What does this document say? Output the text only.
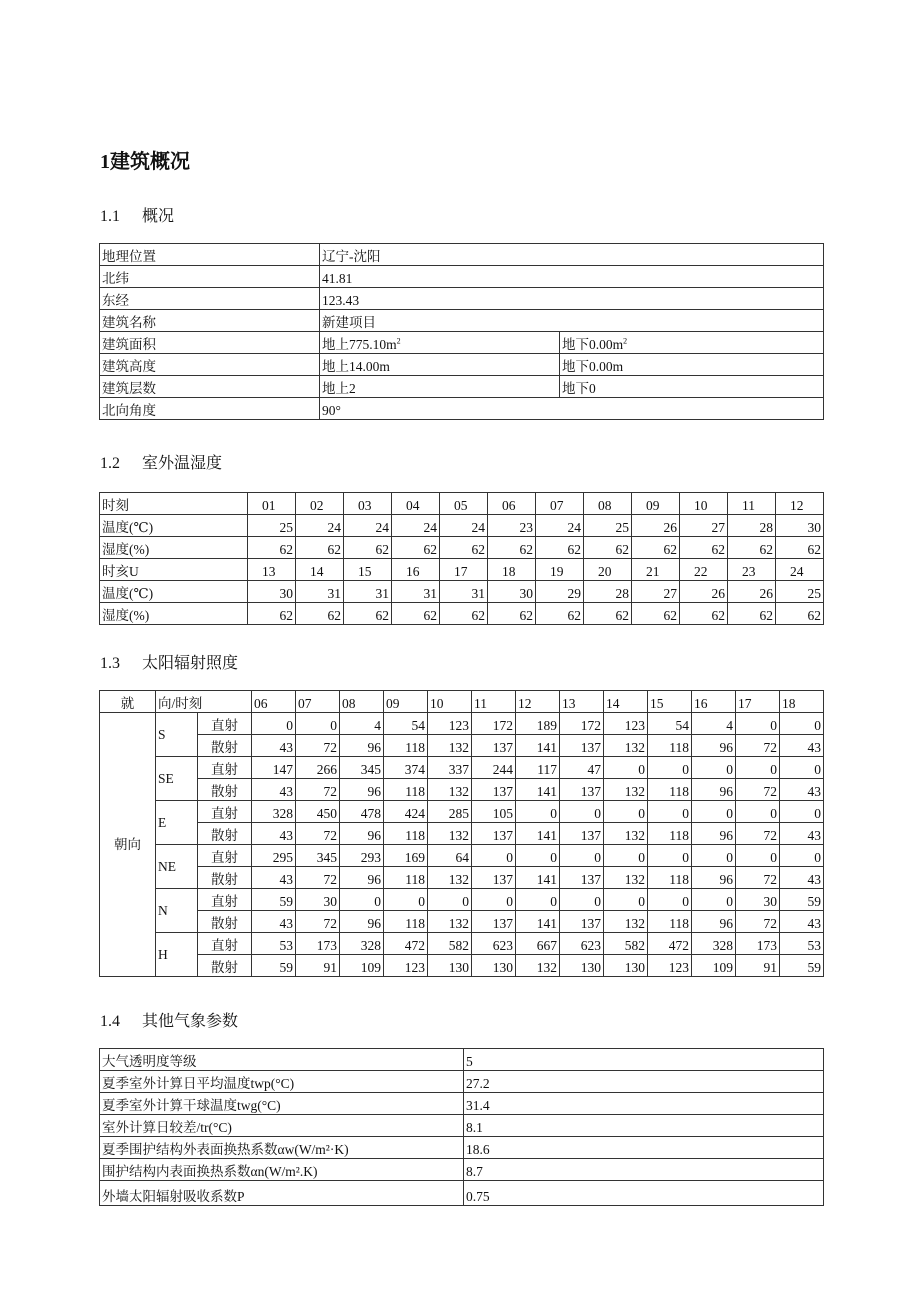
1建筑概况
1.1 概况
地理位置	辽宁-沈阳	
北纬	41.81	
东经	123.43	
建筑名称	新建项目	
建筑面积	地上$775.10m^2$	地下$0.00m^2$
建筑高度	地上14.00m	地下0.00m
建筑层数	地上2	地下0
北向角度	90°	
1.2 室外温湿度
时刻	01	02	03	04	05	06	07	08	09	10	11	12
温度(℃)	25	24	24	24	24	23	24	25	26	27	28	30
湿度(%)	62	62	62	62	62	62	62	62	62	62	62	62
时亥U	13	14	15	16	17	18	19	20	21	22	23	24
温度(℃)	30	31	31	31	31	30	29	28	27	26	26	25
湿度(%)	62	62	62	62	62	62	62	62	62	62	62	62
1.3 太阳辐射照度
就	向/时刻		06	07	08	09	10	11	12	13	14	15	16	17	18
朝向	S	直射	0	0	4	54	123	172	189	172	123	54	4	0	0
		散射	43	72	96	118	132	137	141	137	132	118	96	72	43
	SE	直射	147	266	345	374	337	244	117	47	0	0	0	0	0
		散射	43	72	96	118	132	137	141	137	132	118	96	72	43
	E	直射	328	450	478	424	285	105	0	0	0	0	0	0	0
		散射	43	72	96	118	132	137	141	137	132	118	96	72	43
	NE	直射	295	345	293	169	64	0	0	0	0	0	0	0	0
		散射	43	72	96	118	132	137	141	137	132	118	96	72	43
	N	直射	59	30	0	0	0	0	0	0	0	0	0	30	59
		散射	43	72	96	118	132	137	141	137	132	118	96	72	43
	H	直射	53	173	328	472	582	623	667	623	582	472	328	173	53
		散射	59	91	109	123	130	130	132	130	130	123	109	91	59
1.4 其他气象参数
大气透明度等级	5
夏季室外计算日平均温度twp(°C)	27.2
夏季室外计算干球温度twg(°C)	31.4
室外计算日较差/tr(°C)	8.1
夏季围护结构外表面换热系数αw(W/m²·K)	18.6
围护结构内表面换热系数αn(W/m².K)	8.7
外墙太阳辐射吸收系数P	0.75
